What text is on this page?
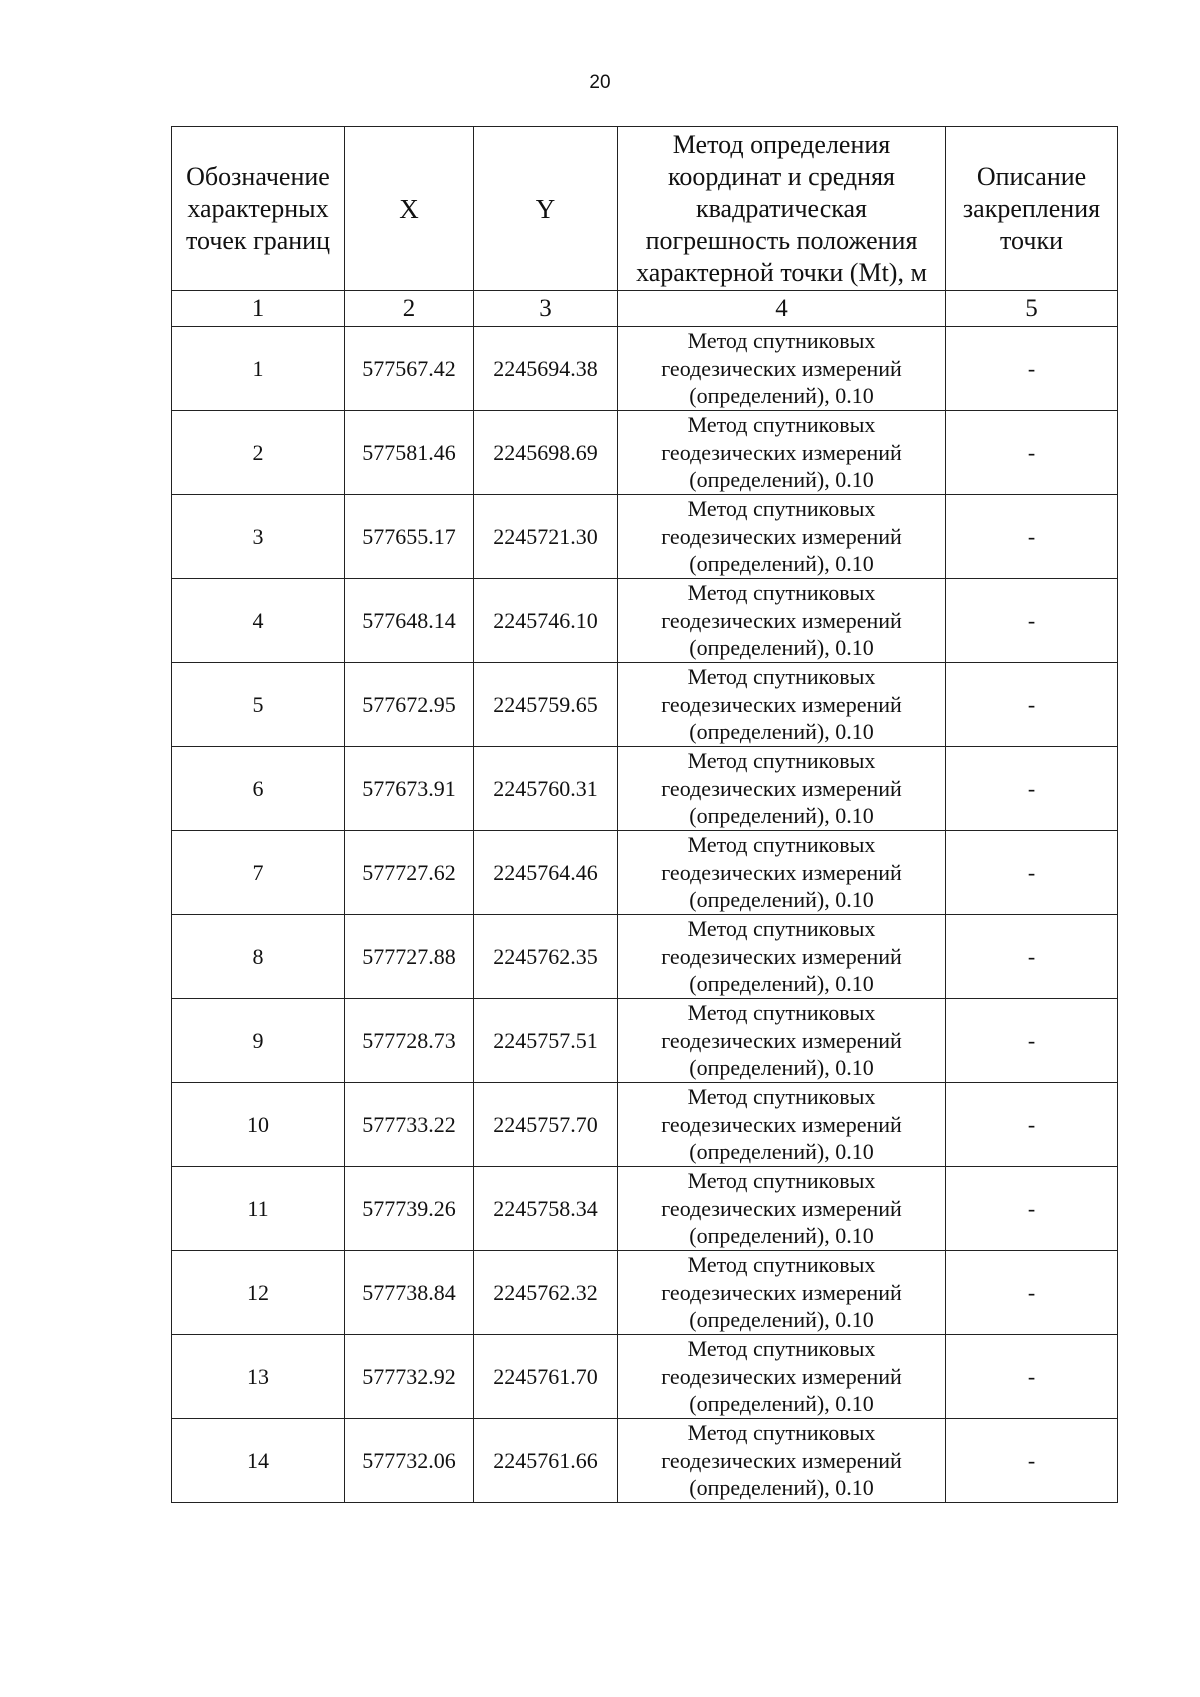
20
Обозначение
характерных
точек границ	X	Y	Метод определения
координат и средняя
квадратическая
погрешность положения
характерной точки (Mt), м	Описание
закрепления
точки
1	2	3	4	5
1	577567.42	2245694.38	Метод спутниковых
геодезических измерений
(определений), 0.10	-
2	577581.46	2245698.69	Метод спутниковых
геодезических измерений
(определений), 0.10	-
3	577655.17	2245721.30	Метод спутниковых
геодезических измерений
(определений), 0.10	-
4	577648.14	2245746.10	Метод спутниковых
геодезических измерений
(определений), 0.10	-
5	577672.95	2245759.65	Метод спутниковых
геодезических измерений
(определений), 0.10	-
6	577673.91	2245760.31	Метод спутниковых
геодезических измерений
(определений), 0.10	-
7	577727.62	2245764.46	Метод спутниковых
геодезических измерений
(определений), 0.10	-
8	577727.88	2245762.35	Метод спутниковых
геодезических измерений
(определений), 0.10	-
9	577728.73	2245757.51	Метод спутниковых
геодезических измерений
(определений), 0.10	-
10	577733.22	2245757.70	Метод спутниковых
геодезических измерений
(определений), 0.10	-
11	577739.26	2245758.34	Метод спутниковых
геодезических измерений
(определений), 0.10	-
12	577738.84	2245762.32	Метод спутниковых
геодезических измерений
(определений), 0.10	-
13	577732.92	2245761.70	Метод спутниковых
геодезических измерений
(определений), 0.10	-
14	577732.06	2245761.66	Метод спутниковых
геодезических измерений
(определений), 0.10	-
